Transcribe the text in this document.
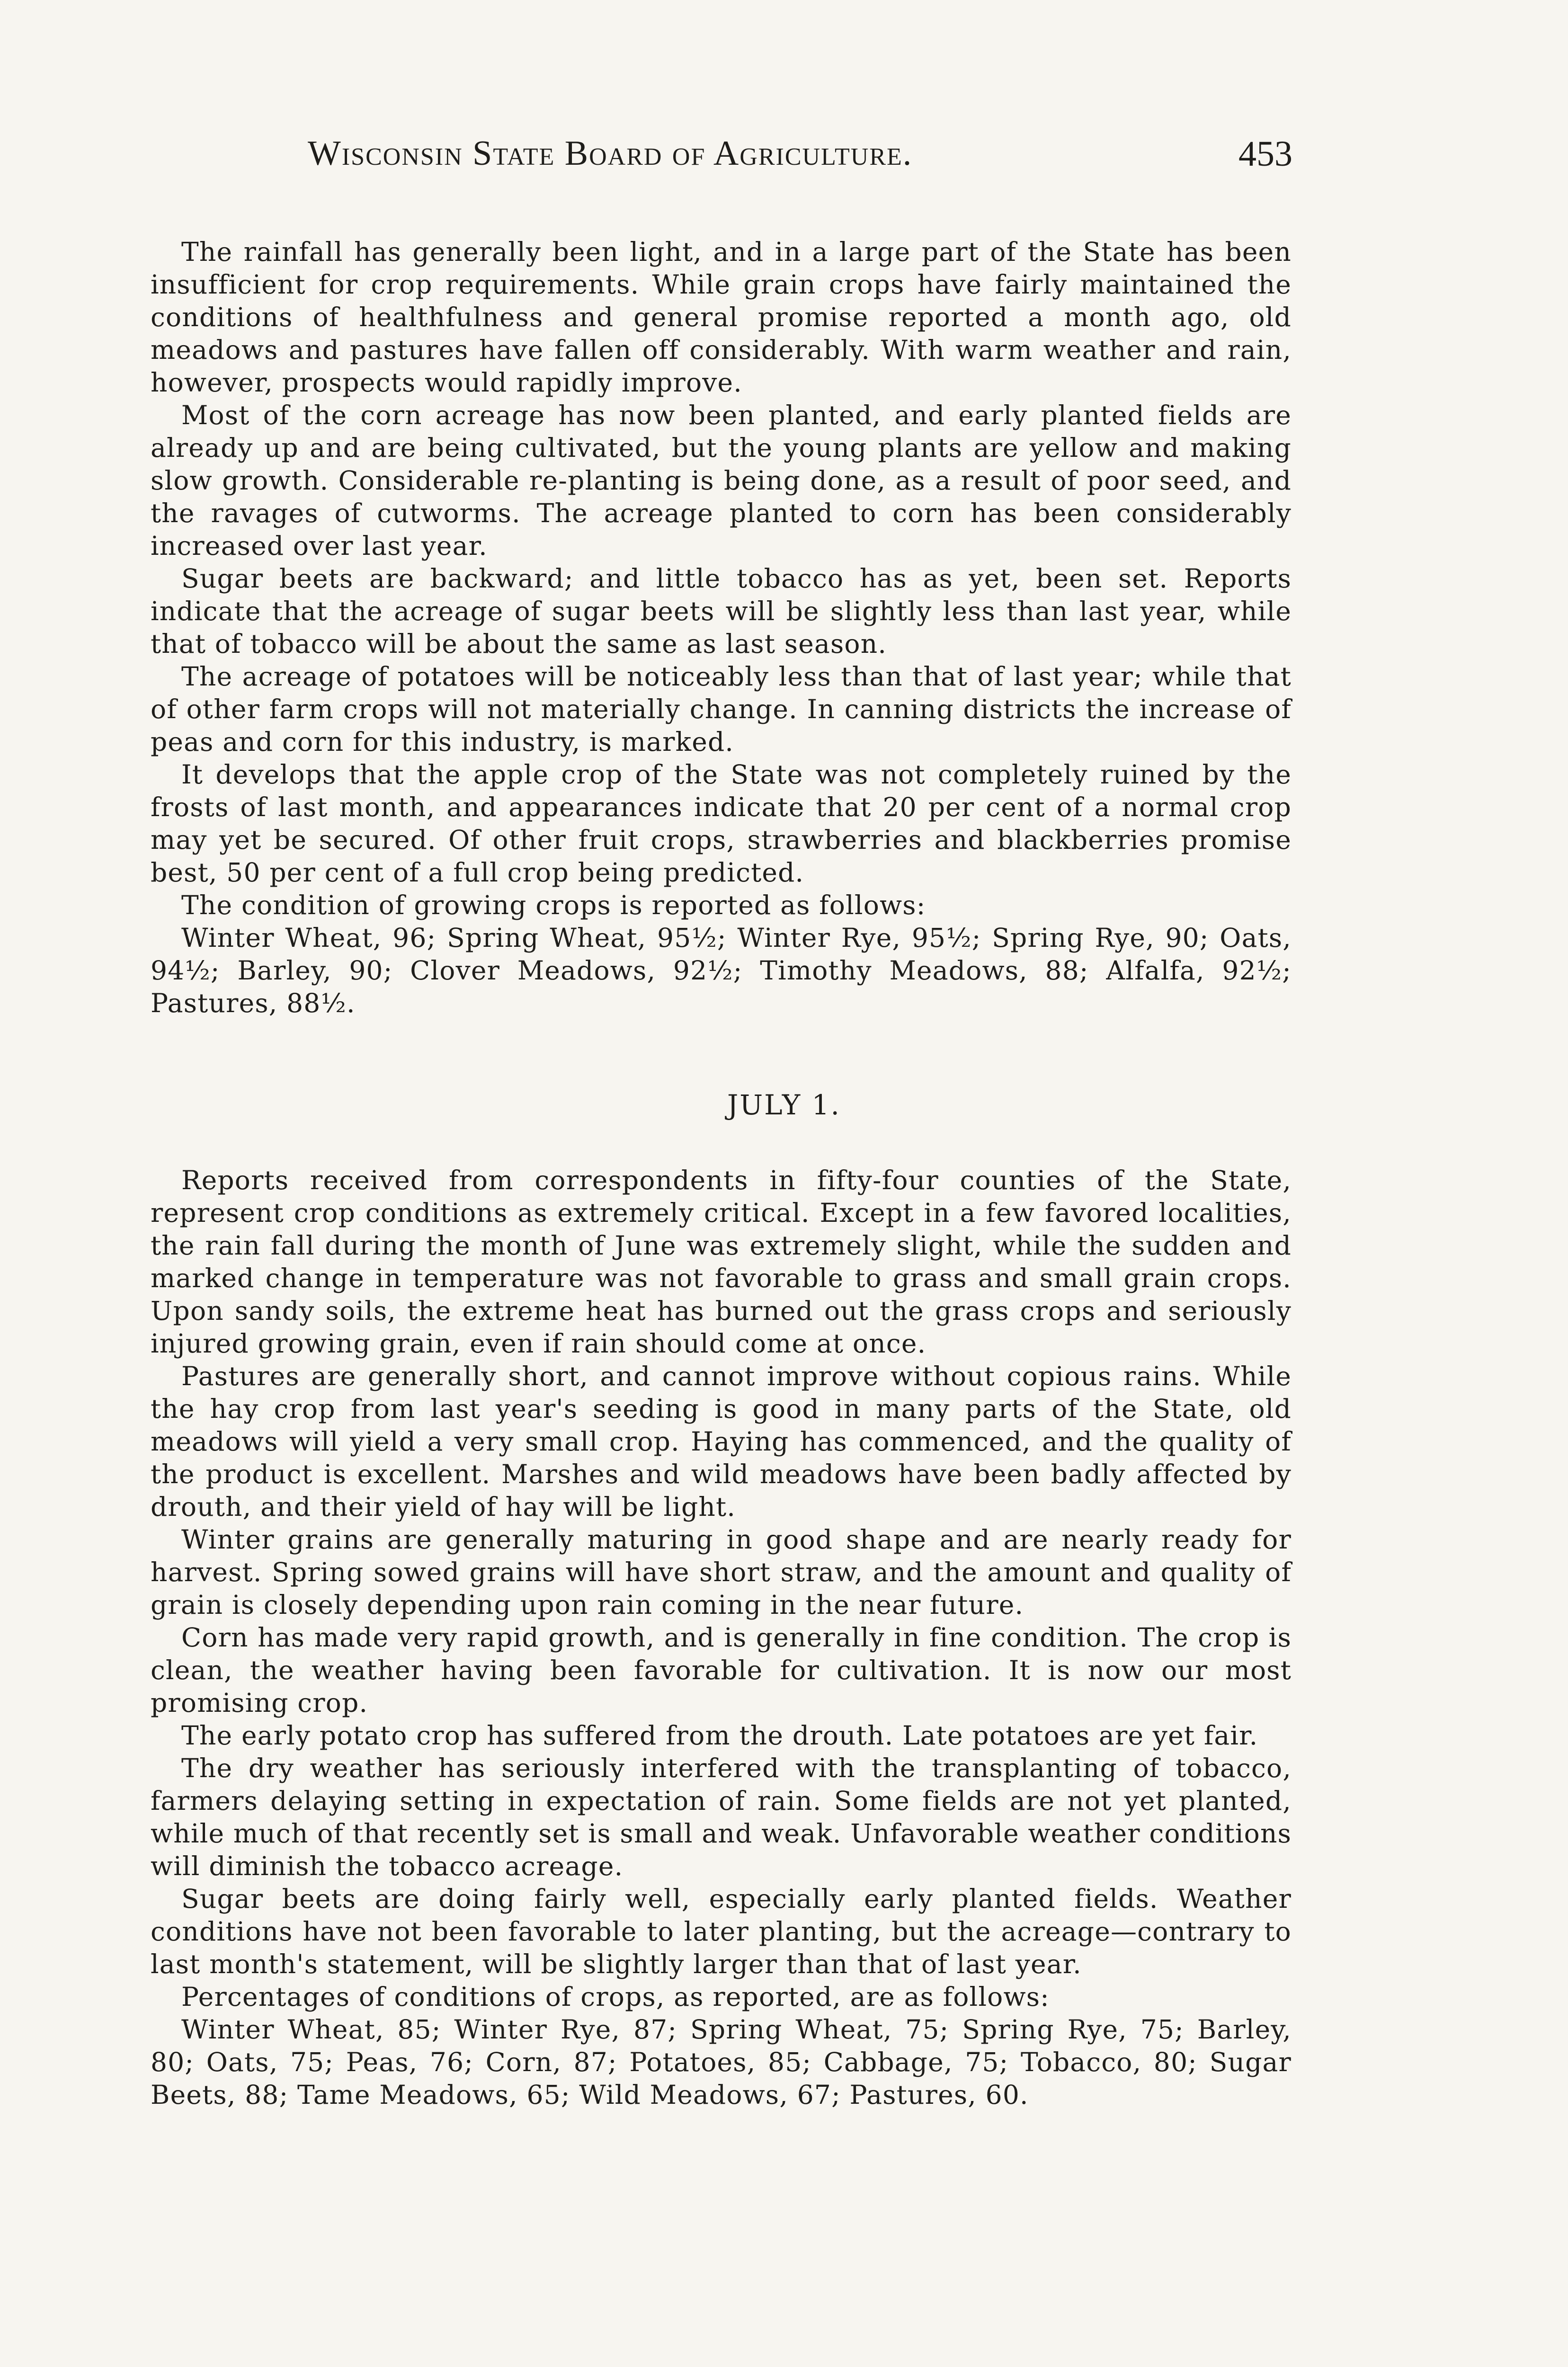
Wisconsin State Board of Agriculture.	453

The rainfall has generally been light, and in a large part of the State has been insufficient for crop requirements. While grain crops have fairly maintained the conditions of healthfulness and general promise reported a month ago, old meadows and pastures have fallen off considerably. With warm weather and rain, however, prospects would rapidly improve.

Most of the corn acreage has now been planted, and early planted fields are already up and are being cultivated, but the young plants are yellow and making slow growth. Considerable re-planting is being done, as a result of poor seed, and the ravages of cutworms. The acreage planted to corn has been considerably increased over last year.

Sugar beets are backward; and little tobacco has as yet, been set. Reports indicate that the acreage of sugar beets will be slightly less than last year, while that of tobacco will be about the same as last season.

The acreage of potatoes will be noticeably less than that of last year; while that of other farm crops will not materially change. In canning districts the increase of peas and corn for this industry, is marked.

It develops that the apple crop of the State was not completely ruined by the frosts of last month, and appearances indicate that 20 per cent of a normal crop may yet be secured. Of other fruit crops, strawberries and blackberries promise best, 50 per cent of a full crop being predicted.

The condition of growing crops is reported as follows:

Winter Wheat, 96; Spring Wheat, 95½; Winter Rye, 95½; Spring Rye, 90; Oats, 94½; Barley, 90; Clover Meadows, 92½; Timothy Meadows, 88; Alfalfa, 92½; Pastures, 88½.

JULY 1.

Reports received from correspondents in fifty-four counties of the State, represent crop conditions as extremely critical. Except in a few favored localities, the rain fall during the month of June was extremely slight, while the sudden and marked change in temperature was not favorable to grass and small grain crops. Upon sandy soils, the extreme heat has burned out the grass crops and seriously injured growing grain, even if rain should come at once.

Pastures are generally short, and cannot improve without copious rains. While the hay crop from last year's seeding is good in many parts of the State, old meadows will yield a very small crop. Haying has commenced, and the quality of the product is excellent. Marshes and wild meadows have been badly affected by drouth, and their yield of hay will be light.

Winter grains are generally maturing in good shape and are nearly ready for harvest. Spring sowed grains will have short straw, and the amount and quality of grain is closely depending upon rain coming in the near future.

Corn has made very rapid growth, and is generally in fine condition. The crop is clean, the weather having been favorable for cultivation. It is now our most promising crop.

The early potato crop has suffered from the drouth. Late potatoes are yet fair.

The dry weather has seriously interfered with the transplanting of tobacco, farmers delaying setting in expectation of rain. Some fields are not yet planted, while much of that recently set is small and weak. Unfavorable weather conditions will diminish the tobacco acreage.

Sugar beets are doing fairly well, especially early planted fields. Weather conditions have not been favorable to later planting, but the acreage—contrary to last month's statement, will be slightly larger than that of last year.

Percentages of conditions of crops, as reported, are as follows:

Winter Wheat, 85; Winter Rye, 87; Spring Wheat, 75; Spring Rye, 75; Barley, 80; Oats, 75; Peas, 76; Corn, 87; Potatoes, 85; Cabbage, 75; Tobacco, 80; Sugar Beets, 88; Tame Meadows, 65; Wild Meadows, 67; Pastures, 60.
